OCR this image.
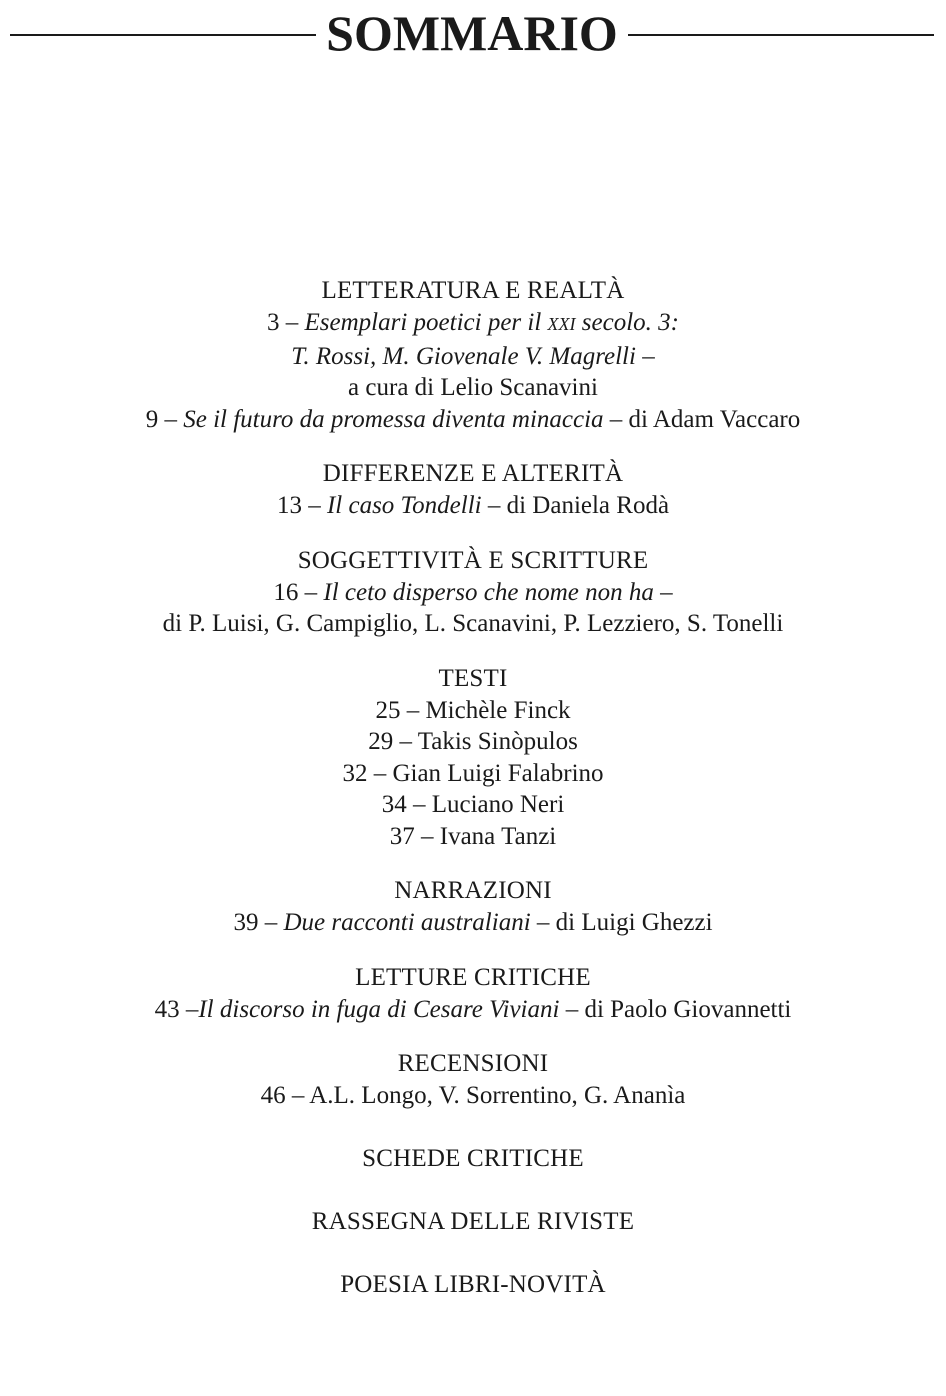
SOMMARIO
LETTERATURA E REALTÀ
3 – Esemplari poetici per il XXI secolo. 3:
T. Rossi, M. Giovenale V. Magrelli –
a cura di Lelio Scanavini
9 – Se il futuro da promessa diventa minaccia – di Adam Vaccaro
DIFFERENZE E ALTERITÀ
13 – Il caso Tondelli – di Daniela Rodà
SOGGETTIVITÀ E SCRITTURE
16 – Il ceto disperso che nome non ha –
di P. Luisi, G. Campiglio, L. Scanavini, P. Lezziero, S. Tonelli
TESTI
25 – Michèle Finck
29 – Takis Sinòpulos
32 – Gian Luigi Falabrino
34 – Luciano Neri
37 – Ivana Tanzi
NARRAZIONI
39 – Due racconti australiani – di Luigi Ghezzi
LETTURE CRITICHE
43 –Il discorso in fuga di Cesare Viviani – di Paolo Giovannetti
RECENSIONI
46 – A.L. Longo, V. Sorrentino, G. Ananìa
SCHEDE CRITICHE
RASSEGNA DELLE RIVISTE
POESIA LIBRI-NOVITÀ
